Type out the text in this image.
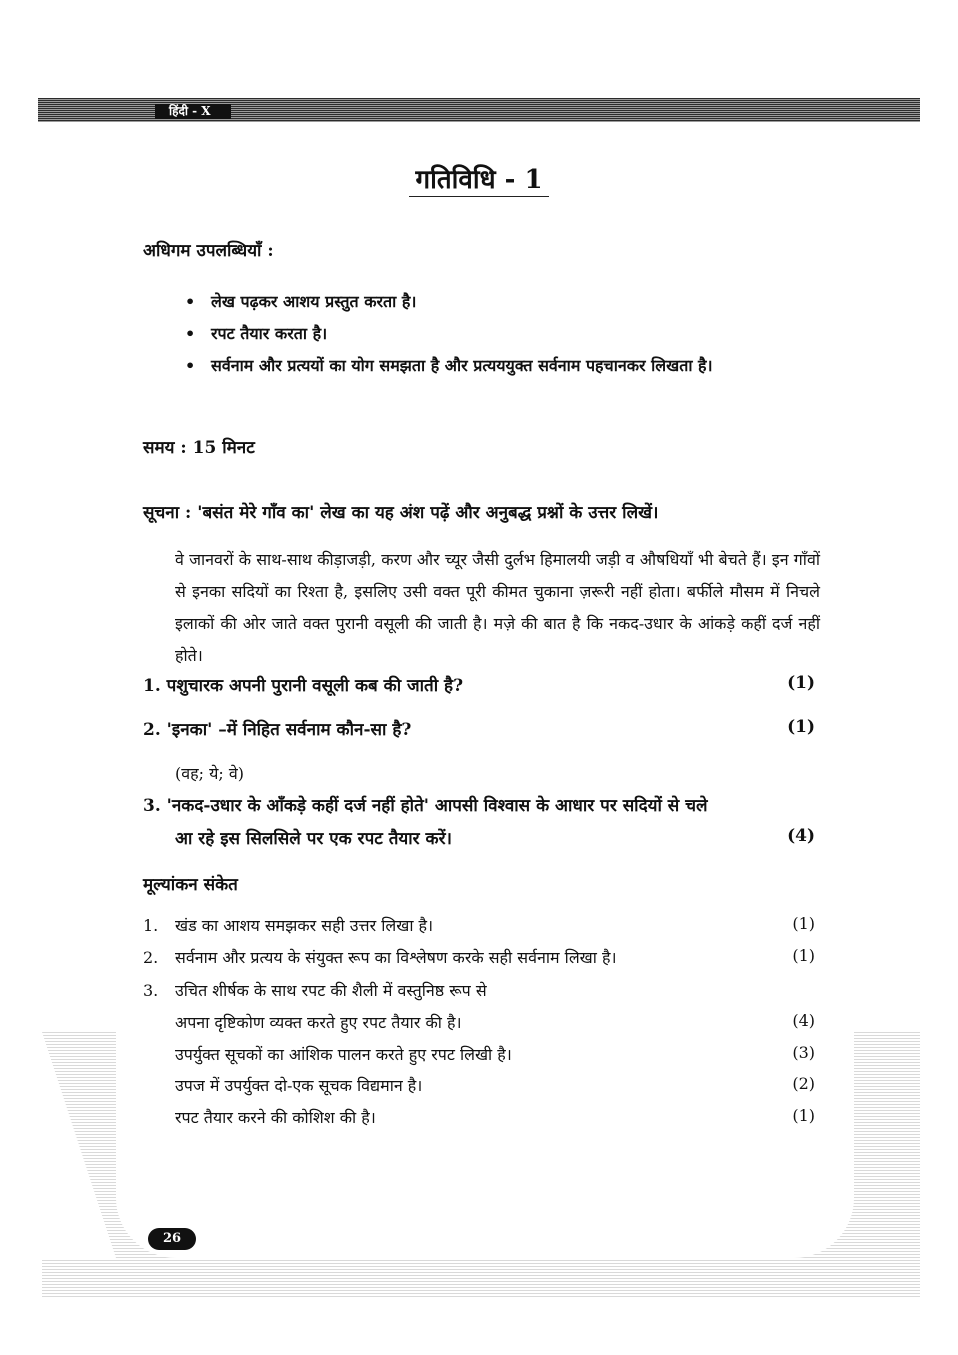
हिंदी - X
26
गतिविधि - 1
अधिगम उपलब्धियाँ :
• लेख पढ़कर आशय प्रस्तुत करता है।
• रपट तैयार करता है।
• सर्वनाम और प्रत्ययों का योग समझता है और प्रत्यययुक्त सर्वनाम पहचानकर लिखता है।
समय : 15 मिनट
सूचना : 'बसंत मेरे गाँव का' लेख का यह अंश पढ़ें और अनुबद्ध प्रश्नों के उत्तर लिखें।

वे जानवरों के साथ-साथ कीड़ाजड़ी, करण और च्यूर जैसी दुर्लभ हिमालयी जड़ी व औषधियाँ भी बेचते हैं। इन गाँवों से इनका सदियों का रिश्ता है, इसलिए उसी वक्त पूरी कीमत चुकाना ज़रूरी नहीं होता। बर्फीले मौसम में निचले इलाकों की ओर जाते वक्त पुरानी वसूली की जाती है। मज़े की बात है कि नकद-उधार के आंकड़े कहीं दर्ज नहीं होते।

1. पशुचारक अपनी पुरानी वसूली कब की जाती है?	(1)
2. 'इनका' –में निहित सर्वनाम कौन-सा है?	(1)
(वह; ये; वे)
3. 'नकद-उधार के आँकड़े कहीं दर्ज नहीं होते' आपसी विश्वास के आधार पर सदियों से चले
आ रहे इस सिलसिले पर एक रपट तैयार करें।	(4)
मूल्यांकन संकेत
1. खंड का आशय समझकर सही उत्तर लिखा है।	(1)
2. सर्वनाम और प्रत्यय के संयुक्त रूप का विश्लेषण करके सही सर्वनाम लिखा है।	(1)
3. उचित शीर्षक के साथ रपट की शैली में वस्तुनिष्ठ रूप से
अपना दृष्टिकोण व्यक्त करते हुए रपट तैयार की है।	(4)
उपर्युक्त सूचकों का आंशिक पालन करते हुए रपट लिखी है।	(3)
उपज में उपर्युक्त दो-एक सूचक विद्यमान है।	(2)
रपट तैयार करने की कोशिश की है।	(1)
